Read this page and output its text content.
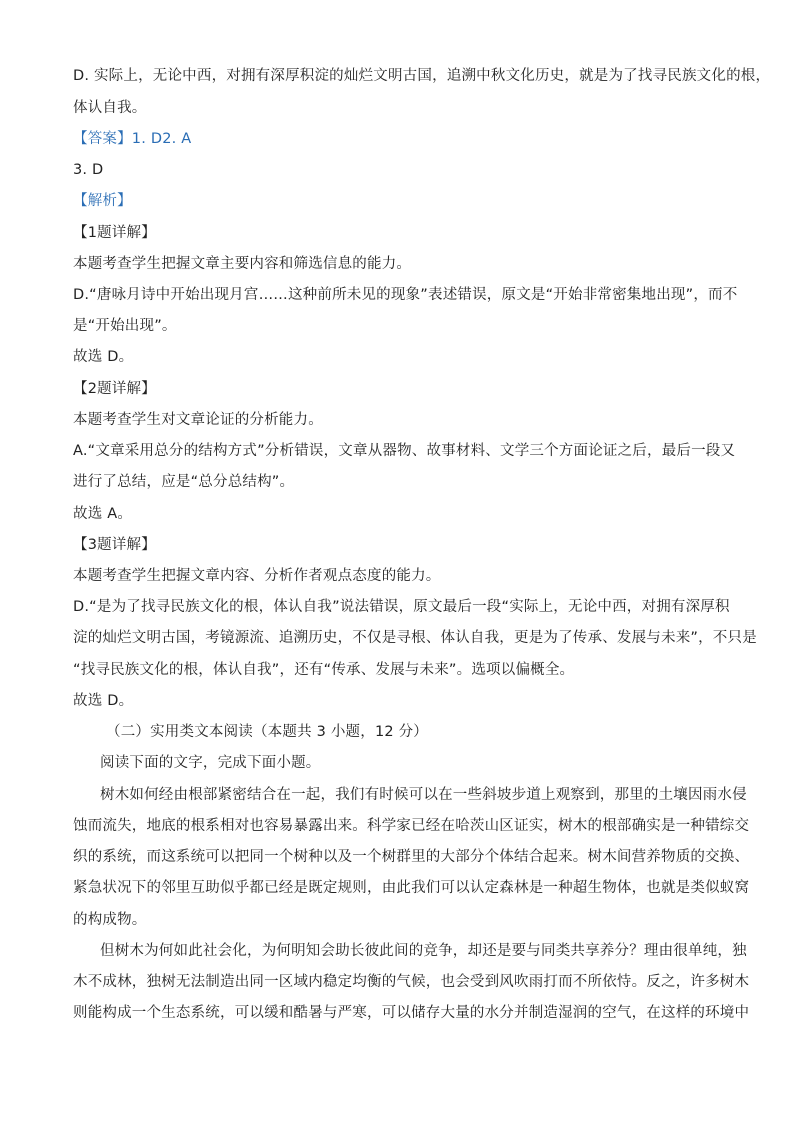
D. 实际上，无论中西，对拥有深厚积淀的灿烂文明古国，追溯中秋文化历史，就是为了找寻民族文化的根，
体认自我。
【答案】1. D2. A
3. D
【解析】
【1题详解】
本题考查学生把握文章主要内容和筛选信息的能力。
D.“唐咏月诗中开始出现月宫……这种前所未见的现象”表述错误，原文是“开始非常密集地出现”，而不
是“开始出现”。
故选 D。
【2题详解】
本题考查学生对文章论证的分析能力。
A.“文章采用总分的结构方式”分析错误，文章从器物、故事材料、文学三个方面论证之后，最后一段又
进行了总结，应是“总分总结构”。
故选 A。
【3题详解】
本题考查学生把握文章内容、分析作者观点态度的能力。
D.“是为了找寻民族文化的根，体认自我”说法错误，原文最后一段“实际上，无论中西，对拥有深厚积
淀的灿烂文明古国，考镜源流、追溯历史，不仅是寻根、体认自我，更是为了传承、发展与未来”，不只是
“找寻民族文化的根，体认自我”，还有“传承、发展与未来”。选项以偏概全。
故选 D。
（二）实用类文本阅读（本题共 3 小题，12 分）
阅读下面的文字，完成下面小题。
树木如何经由根部紧密结合在一起，我们有时候可以在一些斜坡步道上观察到，那里的土壤因雨水侵
蚀而流失，地底的根系相对也容易暴露出来。科学家已经在哈茨山区证实，树木的根部确实是一种错综交
织的系统，而这系统可以把同一个树种以及一个树群里的大部分个体结合起来。树木间营养物质的交换、
紧急状况下的邻里互助似乎都已经是既定规则，由此我们可以认定森林是一种超生物体，也就是类似蚁窝
的构成物。
但树木为何如此社会化，为何明知会助长彼此间的竞争，却还是要与同类共享养分？理由很单纯，独
木不成林，独树无法制造出同一区域内稳定均衡的气候，也会受到风吹雨打而不所依恃。反之，许多树木
则能构成一个生态系统，可以缓和酷暑与严寒，可以储存大量的水分并制造湿润的空气，在这样的环境中
